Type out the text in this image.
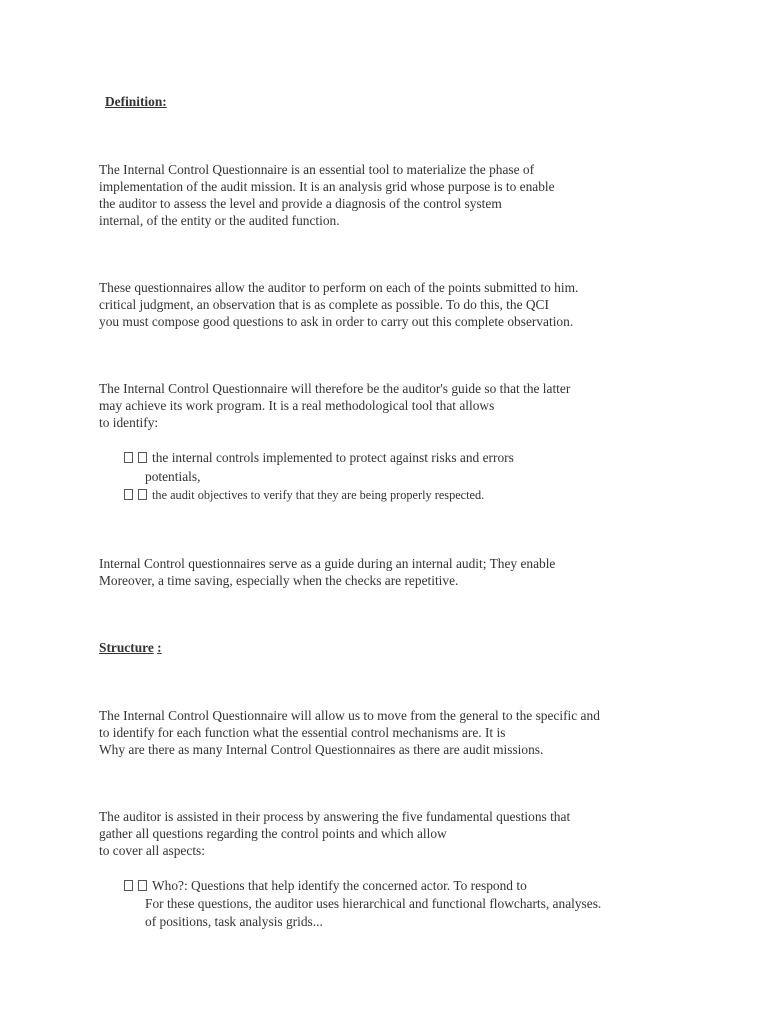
Definition:
The Internal Control Questionnaire is an essential tool to materialize the phase of
implementation of the audit mission. It is an analysis grid whose purpose is to enable
the auditor to assess the level and provide a diagnosis of the control system
internal, of the entity or the audited function.
These questionnaires allow the auditor to perform on each of the points submitted to him.
critical judgment, an observation that is as complete as possible. To do this, the QCI
you must compose good questions to ask in order to carry out this complete observation.
The Internal Control Questionnaire will therefore be the auditor's guide so that the latter
may achieve its work program. It is a real methodological tool that allows
to identify:
the internal controls implemented to protect against risks and errors
potentials,
the audit objectives to verify that they are being properly respected.
Internal Control questionnaires serve as a guide during an internal audit; They enable
Moreover, a time saving, especially when the checks are repetitive.
Structure :
The Internal Control Questionnaire will allow us to move from the general to the specific and
to identify for each function what the essential control mechanisms are. It is
Why are there as many Internal Control Questionnaires as there are audit missions.
The auditor is assisted in their process by answering the five fundamental questions that
gather all questions regarding the control points and which allow
to cover all aspects:
Who?: Questions that help identify the concerned actor. To respond to
For these questions, the auditor uses hierarchical and functional flowcharts, analyses.
of positions, task analysis grids...
